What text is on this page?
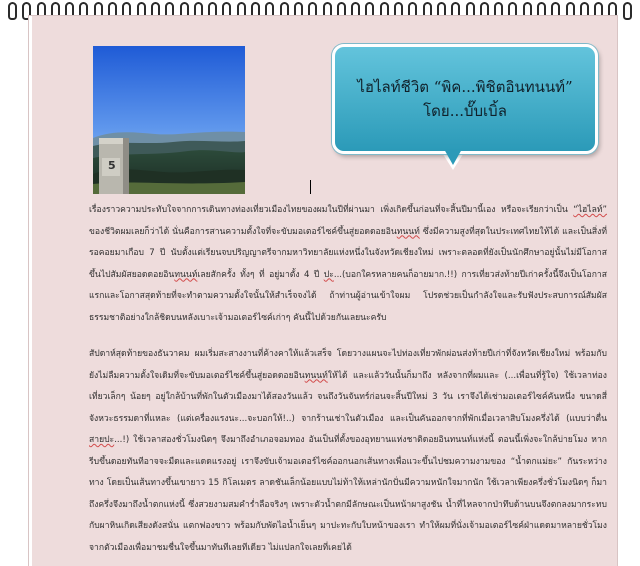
5
ไฮไลท์ชีวิต “พิค...พิชิตอินทนนท์”
โดย...บั๊บเบิ้ล

เรื่องราวความประทับใจจากการเดินทางท่องเที่ยวเมืองไทยของผมในปีที่ผ่านมา เพิ่งเกิดขึ้นก่อนที่จะสิ้นปีมานี้เอง หรือจะเรียกว่าเป็น “ไฮไลท์” ของชีวิตผมเลยก็ว่าได้ นั่นคือการสานความตั้งใจที่จะขับมอเตอร์ไซค์ขึ้นสู่ยอดดอยอินทนนท์ ซึ่งมีความสูงที่สุดในประเทศไทยให้ได้ และเป็นสิ่งที่รอคอยมาเกือบ 7 ปี นับตั้งแต่เรียนจบปริญญาตรีจากมหาวิทยาลัยแห่งหนึ่งในจังหวัดเชียงใหม่ เพราะตลอดที่ยังเป็นนักศึกษาอยู่นั้นไม่มีโอกาสขึ้นไปสัมผัสยอดดอยอินทนนท์เลยสักครั้ง ทั้งๆ ที่ อยู่มาตั้ง 4 ปี ปะ...(บอกใครหลายคนก็อายมาก.!!) การเที่ยวส่งท้ายปีเก่าครั้งนี้จึงเป็นโอกาสแรกและโอกาสสุดท้ายที่จะทำตามความตั้งใจนั้นให้สำเร็จจงได้ ถ้าท่านผู้อ่านเข้าใจผม โปรดช่วยเป็นกำลังใจและรับฟังประสบการณ์สัมผัสธรรมชาติอย่างใกล้ชิดบนหลังเบาะเจ้ามอเตอร์ไซค์เก่าๆ คันนี้ไปด้วยกันเลยนะครับ

สัปดาห์สุดท้ายของธันวาคม ผมเริ่มสะสางงานที่ค้างคาให้แล้วเสร็จ โดยวางแผนจะไปท่องเที่ยวพักผ่อนส่งท้ายปีเก่าที่จังหวัดเชียงใหม่ พร้อมกับยังไม่ลืมความตั้งใจเดิมที่จะขับมอเตอร์ไซค์ขึ้นสู่ยอดดอยอินทนนท์ให้ได้ และแล้ววันนั้นก็มาถึง หลังจากที่ผมและ (...เพื่อนที่รู้ใจ) ใช้เวลาท่องเที่ยวเล็กๆ น้อยๆ อยู่ใกล้บ้านที่พักในตัวเมืองมาได้สองวันแล้ว จนถึงวันจันทร์ก่อนจะสิ้นปีใหม่ 3 วัน เราจึงได้เช่ามอเตอร์ไซค์คันหนึ่ง ขนาดสี่จังหวะธรรมดาที่แหละ (แต่เครื่องแรงนะ...จะบอกให้!..) จากร้านเช่าในตัวเมือง และเป็นคันออกจากที่พักเมื่อเวลาสิบโมงครึ่งได้ (แบบว่าตื่นสายปะ...!) ใช้เวลาสองชั่วโมงนิดๆ จึงมาถึงอำเภอจอมทอง อันเป็นที่ตั้งของอุทยานแห่งชาติดอยอินทนนท์แห่งนี้ ตอนนี้เพิ่งจะใกล้บ่ายโมง หากรีบขึ้นดอยทันทีอาจจะมืดและแดดแรงอยู่ เราจึงขับเจ้ามอเตอร์ไซค์ออกนอกเส้นทางเพื่อแวะขึ้นไปชมความงามของ “น้ำตกแม่ยะ” กันระหว่างทาง โดยเป็นเส้นทางขึ้นเขายาว 15 กิโลเมตร ลาดชันเล็กน้อยแบบไม่ท้าให้เหล่านักปั่นมีความหนักใจมากนัก ใช้เวลาเพียงครึ่งชั่วโมงนิดๆ ก็มาถึงครึ่งจึงมาถึงน้ำตกแห่งนี้ ซึ่งสวยงามสมคำร่ำลือจริงๆ เพราะตัวน้ำตกมีลักษณะเป็นหน้าผาสูงชัน น้ำที่ไหลจากป่าทึบด้านบนจึงตกลงมากระทบกับผาหินเกิดเสียงดังสนั่น แตกฟองขาว พร้อมกับพัดไอน้ำเย็นๆ มาปะทะกับใบหน้าของเรา ทำให้ผมที่นั่งเจ้ามอเตอร์ไซค์ฝ่าแดดมาหลายชั่วโมงจากตัวเมืองเพื่อมาชมชื่นใจขึ้นมาทันทีเลยทีเดียว ไม่แปลกใจเลยที่เคยได้
